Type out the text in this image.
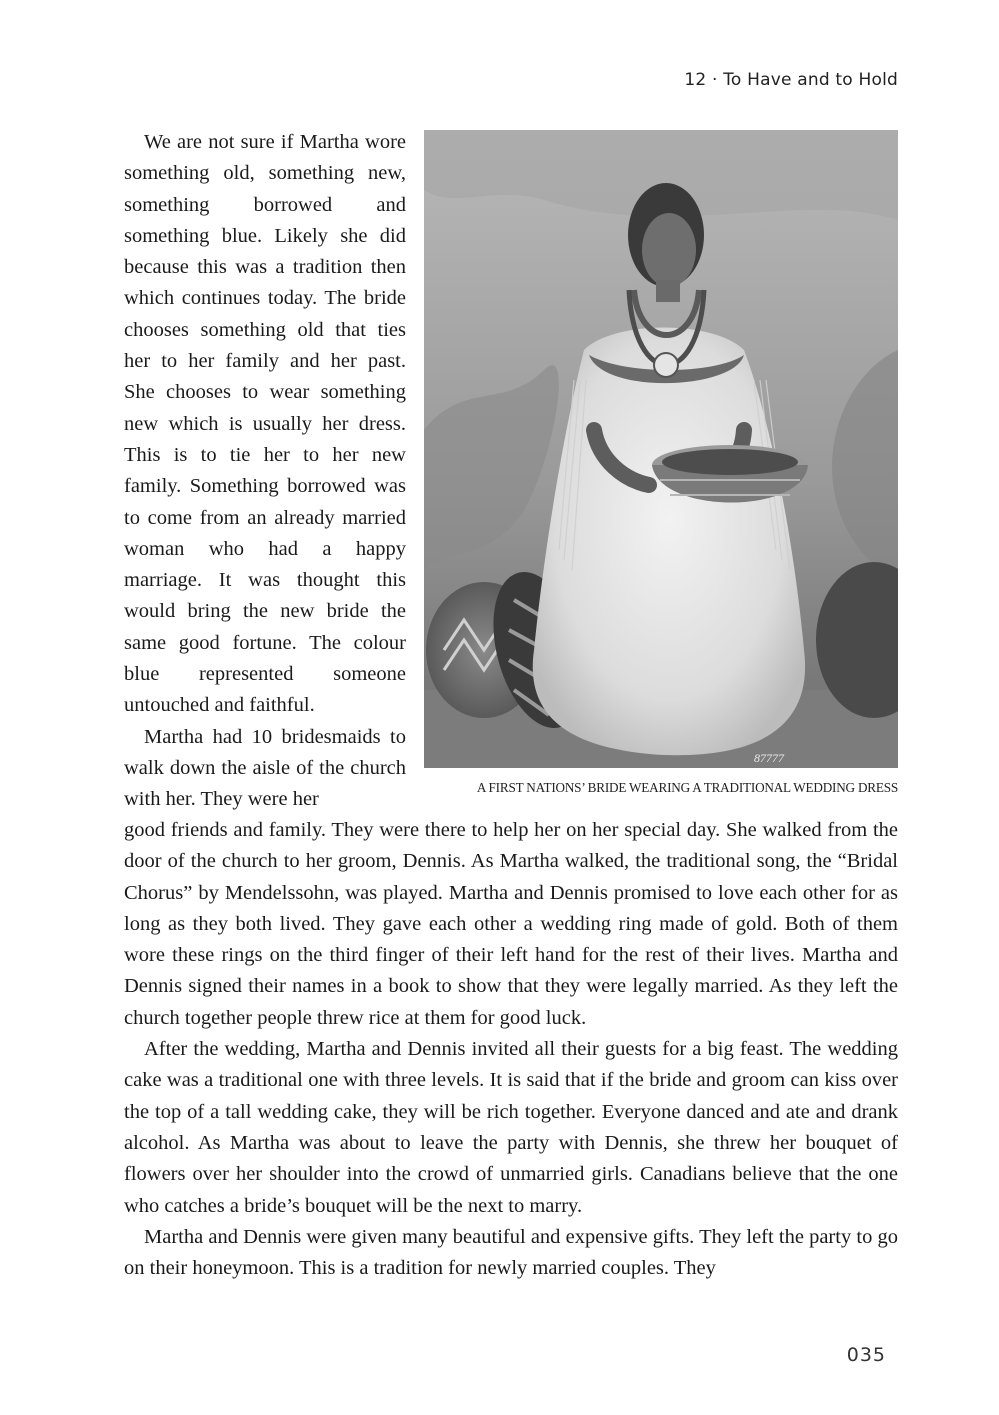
12 · To Have and to Hold

We are not sure if Martha wore something old, something new, something borrowed and something blue. Likely she did because this was a tradition then which continues today. The bride chooses something old that ties her to her family and her past. She chooses to wear something new which is usually her dress. This is to tie her to her new family. Something borrowed was to come from an already married woman who had a happy marriage. It was thought this would bring the new bride the same good fortune. The colour blue represented someone untouched and faithful.

Martha had 10 bridesmaids to walk down the aisle of the church with her. They were her

87777
A FIRST NATIONS’ BRIDE WEARING A TRADITIONAL WEDDING DRESS

good friends and family. They were there to help her on her special day. She walked from the door of the church to her groom, Dennis. As Martha walked, the traditional song, the “Bridal Chorus” by Mendelssohn, was played. Martha and Dennis promised to love each other for as long as they both lived. They gave each other a wedding ring made of gold. Both of them wore these rings on the third finger of their left hand for the rest of their lives. Martha and Dennis signed their names in a book to show that they were legally married. As they left the church together people threw rice at them for good luck.

After the wedding, Martha and Dennis invited all their guests for a big feast. The wedding cake was a traditional one with three levels. It is said that if the bride and groom can kiss over the top of a tall wedding cake, they will be rich together. Everyone danced and ate and drank alcohol. As Martha was about to leave the party with Dennis, she threw her bouquet of flowers over her shoulder into the crowd of unmarried girls. Canadians believe that the one who catches a bride’s bouquet will be the next to marry.

Martha and Dennis were given many beautiful and expensive gifts. They left the party to go on their honeymoon. This is a tradition for newly married couples. They

035
